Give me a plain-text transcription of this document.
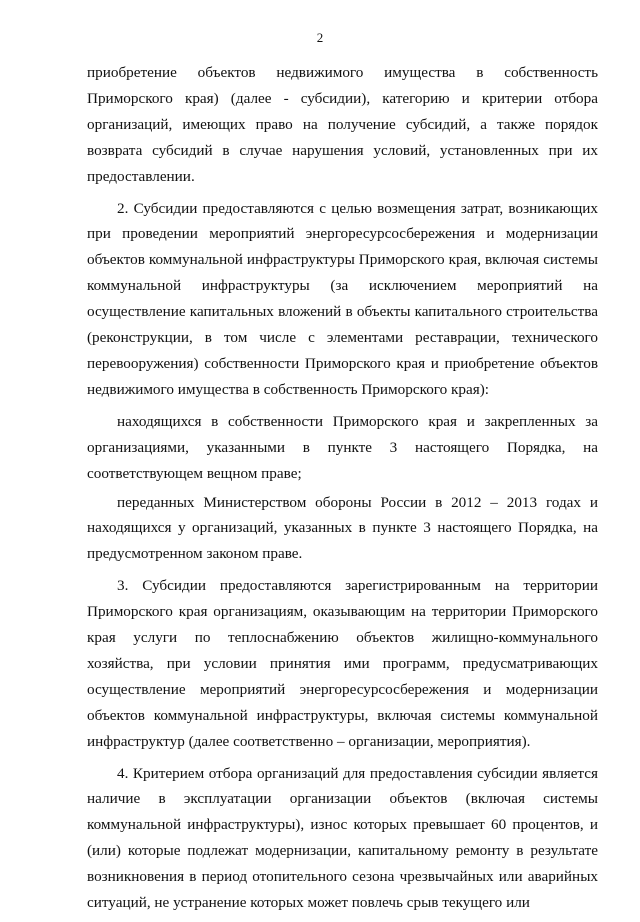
2

приобретение объектов недвижимого имущества в собственность Приморского края) (далее - субсидии), категорию и критерии отбора организаций, имеющих право на получение субсидий, а также порядок возврата субсидий в случае нарушения условий, установленных при их предоставлении.

2. Субсидии предоставляются с целью возмещения затрат, возникающих при проведении мероприятий энергоресурсосбережения и модернизации объектов коммунальной инфраструктуры Приморского края, включая системы коммунальной инфраструктуры (за исключением мероприятий на осуществление капитальных вложений в объекты капитального строительства (реконструкции, в том числе с элементами реставрации, технического перевооружения) собственности Приморского края и приобретение объектов недвижимого имущества в собственность Приморского края):

находящихся в собственности Приморского края и закрепленных за организациями, указанными в пункте 3 настоящего Порядка, на соответствующем вещном праве;

переданных Министерством обороны России в 2012 – 2013 годах и находящихся у организаций, указанных в пункте 3 настоящего Порядка, на предусмотренном законом праве.

3. Субсидии предоставляются зарегистрированным на территории Приморского края организациям, оказывающим на территории Приморского края услуги по теплоснабжению объектов жилищно-коммунального хозяйства, при условии принятия ими программ, предусматривающих осуществление мероприятий энергоресурсосбережения и модернизации объектов коммунальной инфраструктуры, включая системы коммунальной инфраструктур (далее соответственно – организации, мероприятия).

4. Критерием отбора организаций для предоставления субсидии является наличие в эксплуатации организации объектов (включая системы коммунальной инфраструктуры), износ которых превышает 60 процентов, и (или) которые подлежат модернизации, капитальному ремонту в результате возникновения в период отопительного сезона чрезвычайных или аварийных ситуаций, не устранение которых может повлечь срыв текущего или
